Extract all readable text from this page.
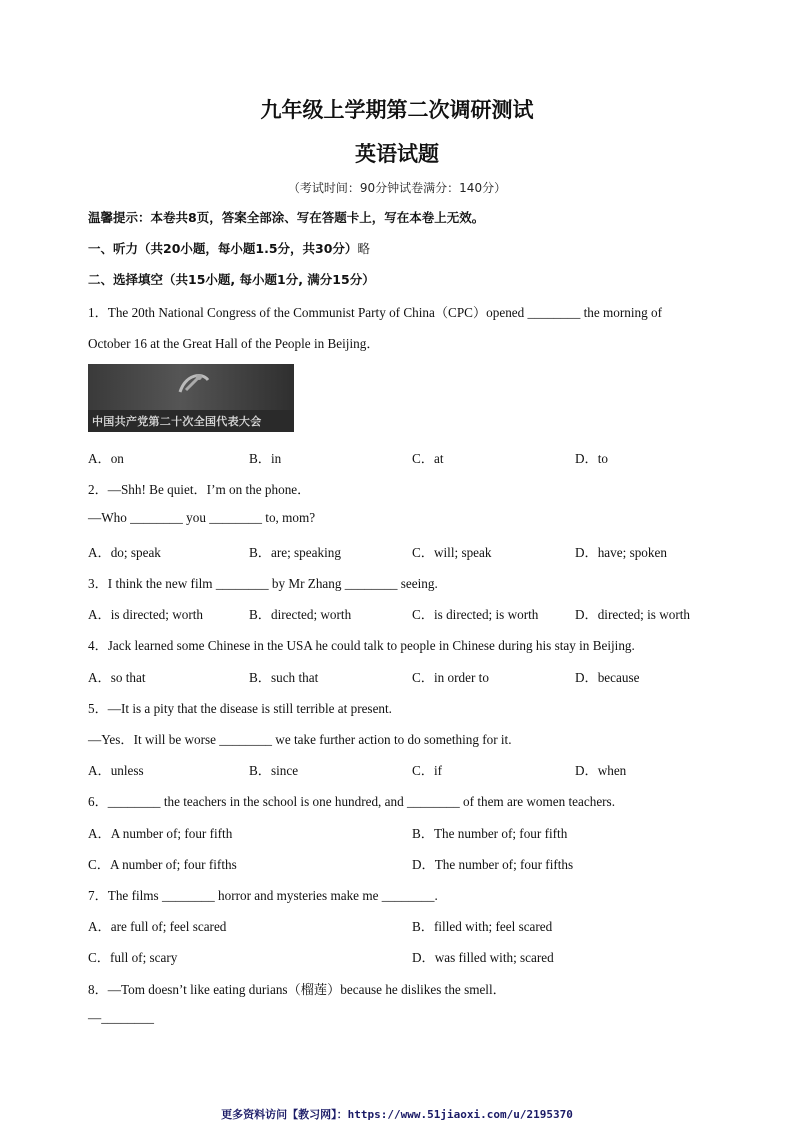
九年级上学期第二次调研测试
英语试题
（考试时间：90分钟试卷满分：140分）
温馨提示：本卷共8页，答案全部涂、写在答题卡上，写在本卷上无效。
一、听力（共20小题，每小题1.5分，共30分）略
二、选择填空（共15小题, 每小题1分, 满分15分）
1．The 20th National Congress of the Communist Party of China（CPC）opened ________ the morning of
October 16 at the Great Hall of the People in Beijing．
中国共产党第二十次全国代表大会
A．on	B．in	C．at	D．to
2．—Shh! Be quiet．I’m on the phone．
—Who ________ you ________ to, mom?
A．do; speak	B．are; speaking	C．will; speak	D．have; spoken
3．I think the new film ________ by Mr Zhang ________ seeing.
A．is directed; worth	B．directed; worth	C．is directed; is worth	D．directed; is worth
4．Jack learned some Chinese in the USA he could talk to people in Chinese during his stay in Beijing.
A．so that	B．such that	C．in order to	D．because
5．—It is a pity that the disease is still terrible at present.
—Yes．It will be worse ________ we take further action to do something for it.
A．unless	B．since	C．if	D．when
6．________ the teachers in the school is one hundred, and ________ of them are women teachers.
A．A number of; four fifth	B．The number of; four fifth
C．A number of; four fifths	D．The number of; four fifths
7．The films ________ horror and mysteries make me ________.
A．are full of; feel scared	B．filled with; feel scared
C．full of; scary	D．was filled with; scared
8．—Tom doesn’t like eating durians（榴莲）because he dislikes the smell．
—________
更多资料访问【教习网】：https://www.51jiaoxi.com/u/2195370
